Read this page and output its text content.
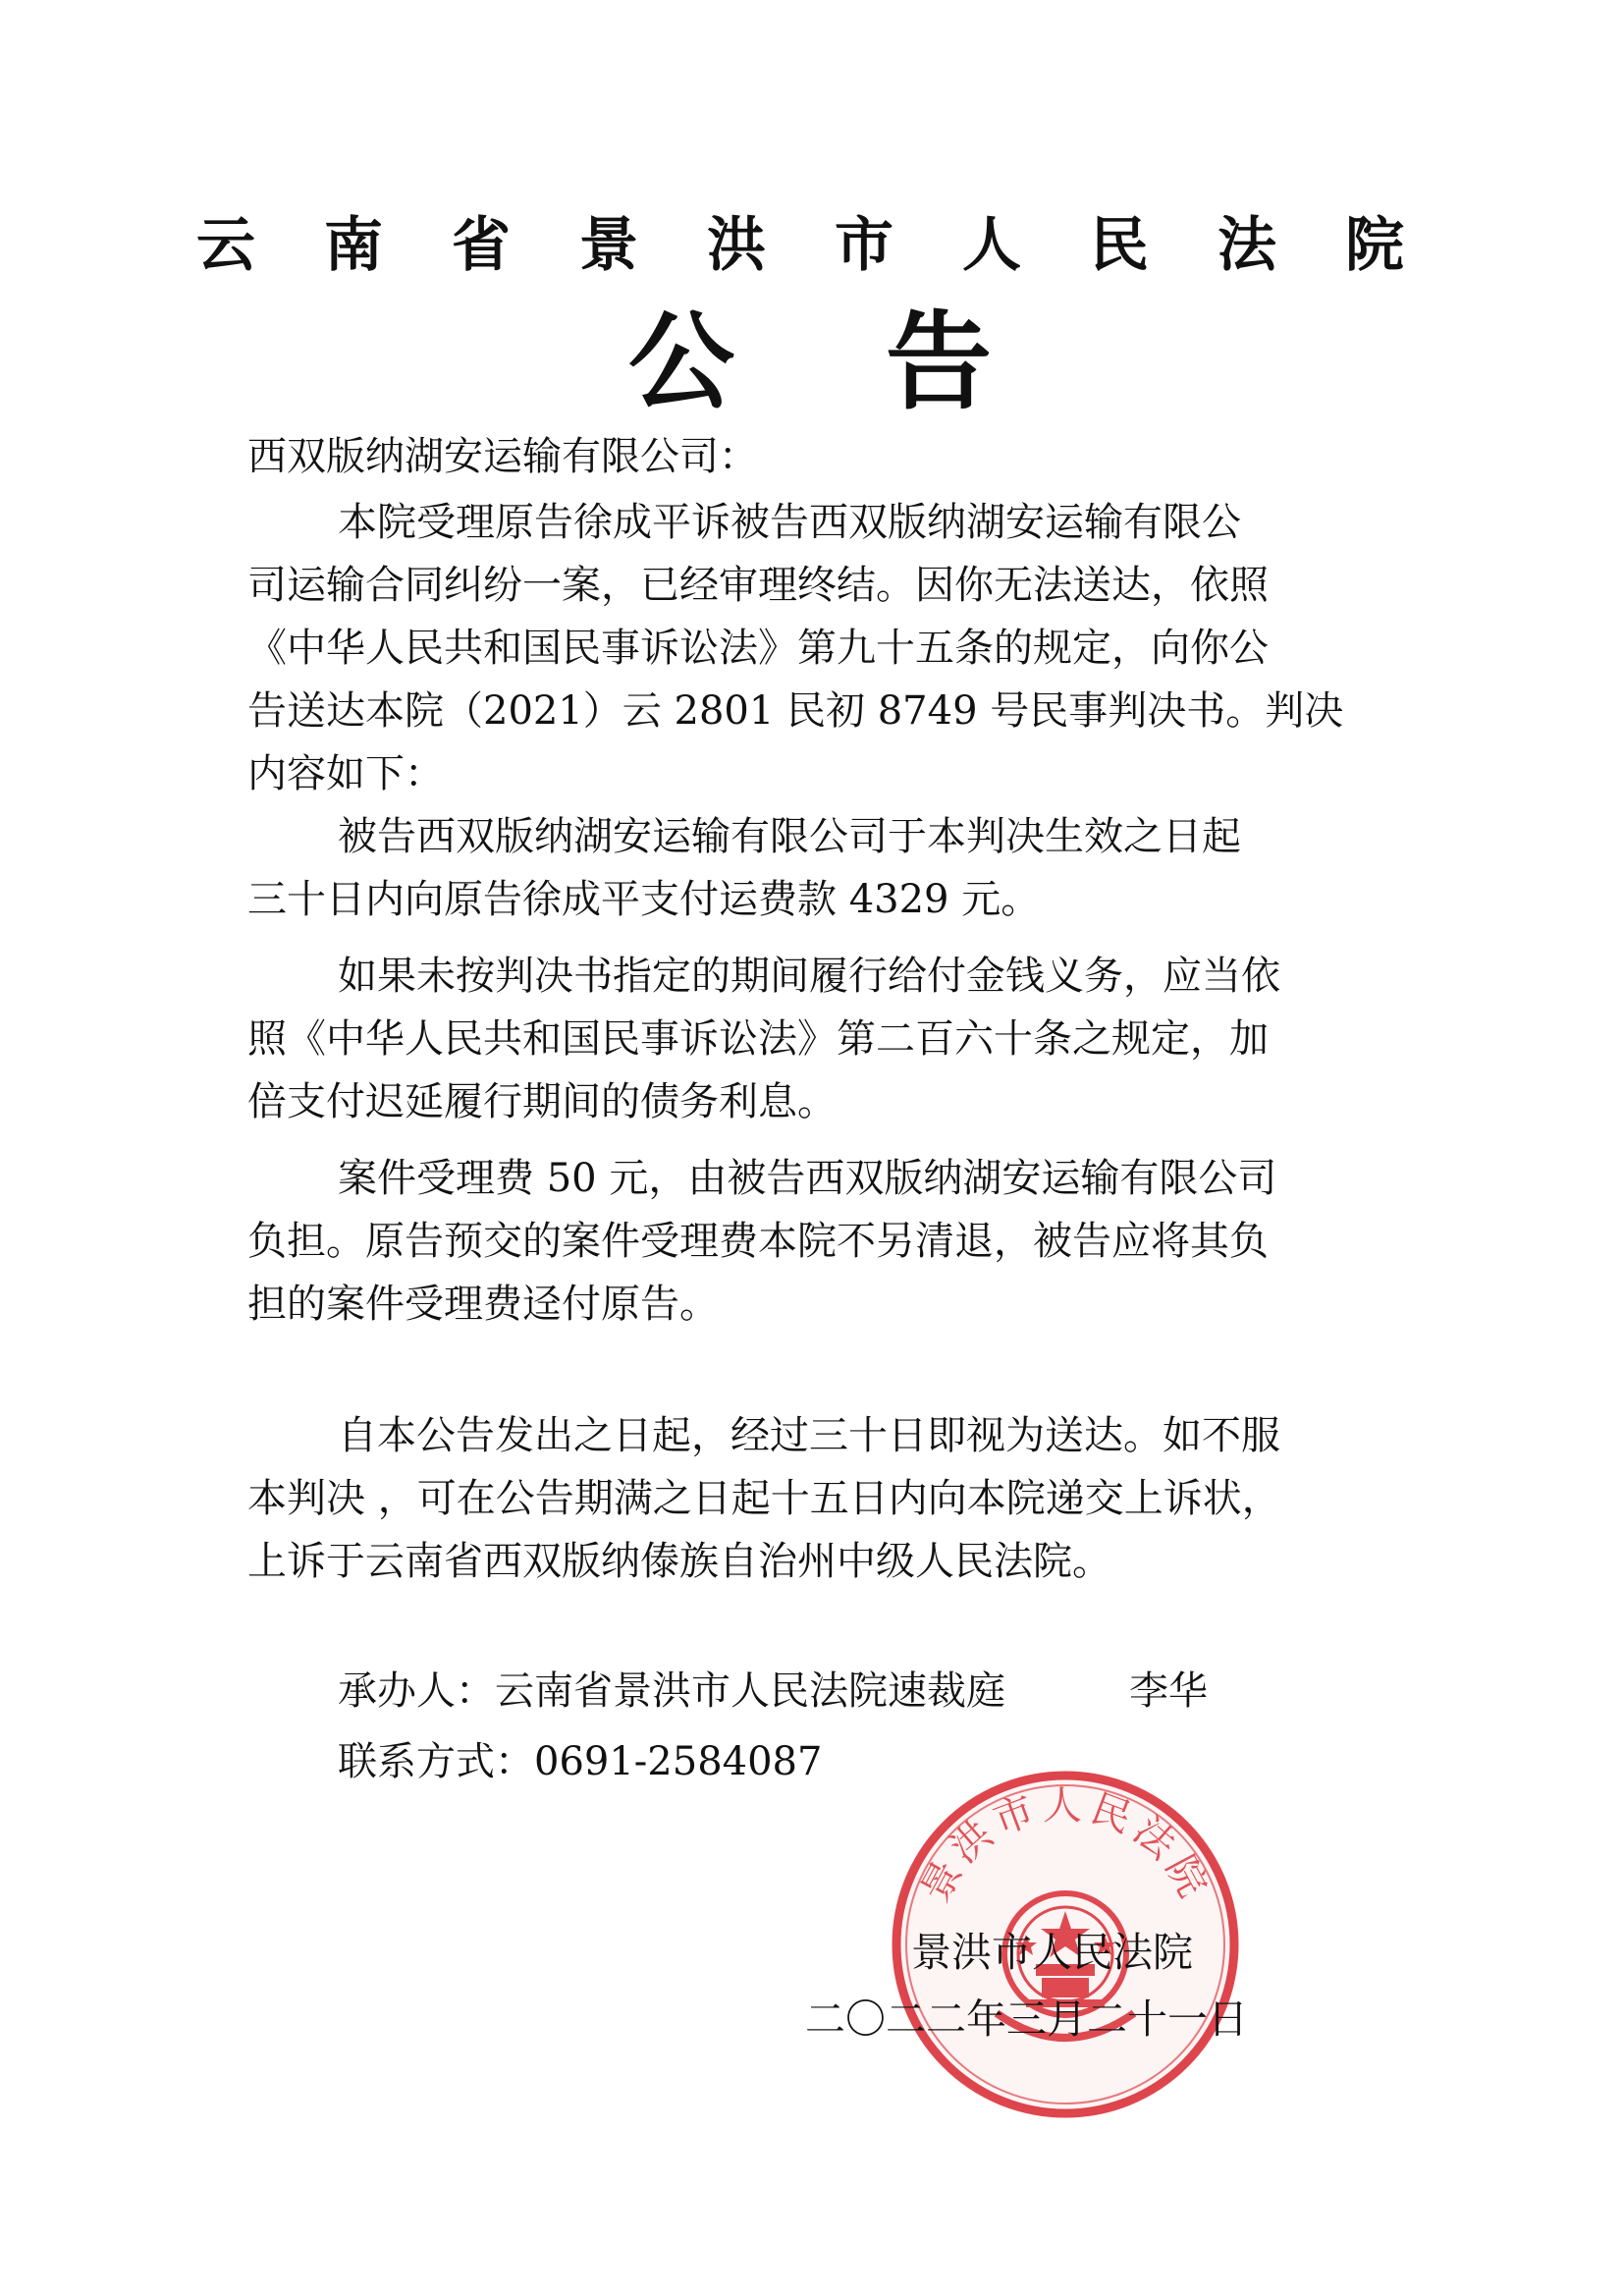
云 南 省 景 洪 市 人 民 法 院
公 告
西双版纳湖安运输有限公司：
本院受理原告徐成平诉被告西双版纳湖安运输有限公
司运输合同纠纷一案，已经审理终结。因你无法送达，依照
《中华人民共和国民事诉讼法》第九十五条的规定，向你公
告送达本院（2021）云 2801 民初 8749 号民事判决书。判决
内容如下：
被告西双版纳湖安运输有限公司于本判决生效之日起
三十日内向原告徐成平支付运费款 4329 元。
如果未按判决书指定的期间履行给付金钱义务，应当依
照《中华人民共和国民事诉讼法》第二百六十条之规定，加
倍支付迟延履行期间的债务利息。
案件受理费 50 元，由被告西双版纳湖安运输有限公司
负担。原告预交的案件受理费本院不另清退，被告应将其负
担的案件受理费迳付原告。
自本公告发出之日起，经过三十日即视为送达。如不服
本判决 ，可在公告期满之日起十五日内向本院递交上诉状，
上诉于云南省西双版纳傣族自治州中级人民法院。
承办人：云南省景洪市人民法院速裁庭	李华
联系方式：0691-2584087
景洪市人民法院
景洪市人民法院
二〇二二年三月二十一日
